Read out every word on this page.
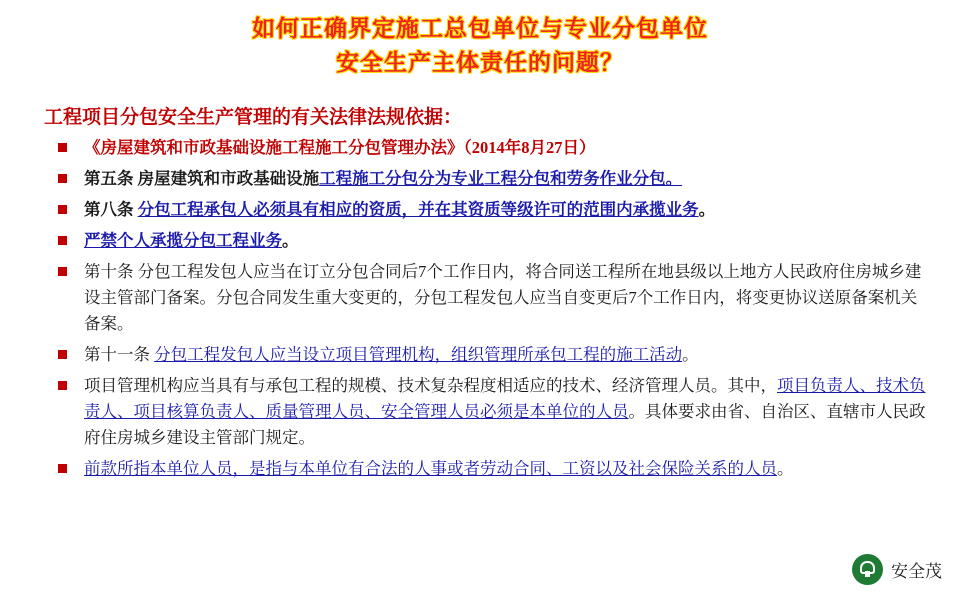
如何正确界定施工总包单位与专业分包单位
安全生产主体责任的问题？
工程项目分包安全生产管理的有关法律法规依据：
《房屋建筑和市政基础设施工程施工分包管理办法》（2014年8月27日）
第五条 房屋建筑和市政基础设施工程施工分包分为专业工程分包和劳务作业分包。
第八条 分包工程承包人必须具有相应的资质，并在其资质等级许可的范围内承揽业务。
严禁个人承揽分包工程业务。
第十条 分包工程发包人应当在订立分包合同后7个工作日内，将合同送工程所在地县级以上地方人民政府住房城乡建设主管部门备案。分包合同发生重大变更的，分包工程发包人应当自变更后7个工作日内，将变更协议送原备案机关备案。
第十一条 分包工程发包人应当设立项目管理机构，组织管理所承包工程的施工活动。
项目管理机构应当具有与承包工程的规模、技术复杂程度相适应的技术、经济管理人员。其中，项目负责人、技术负责人、项目核算负责人、质量管理人员、安全管理人员必须是本单位的人员。具体要求由省、自治区、直辖市人民政府住房城乡建设主管部门规定。
前款所指本单位人员，是指与本单位有合法的人事或者劳动合同、工资以及社会保险关系的人员。
安全茂
